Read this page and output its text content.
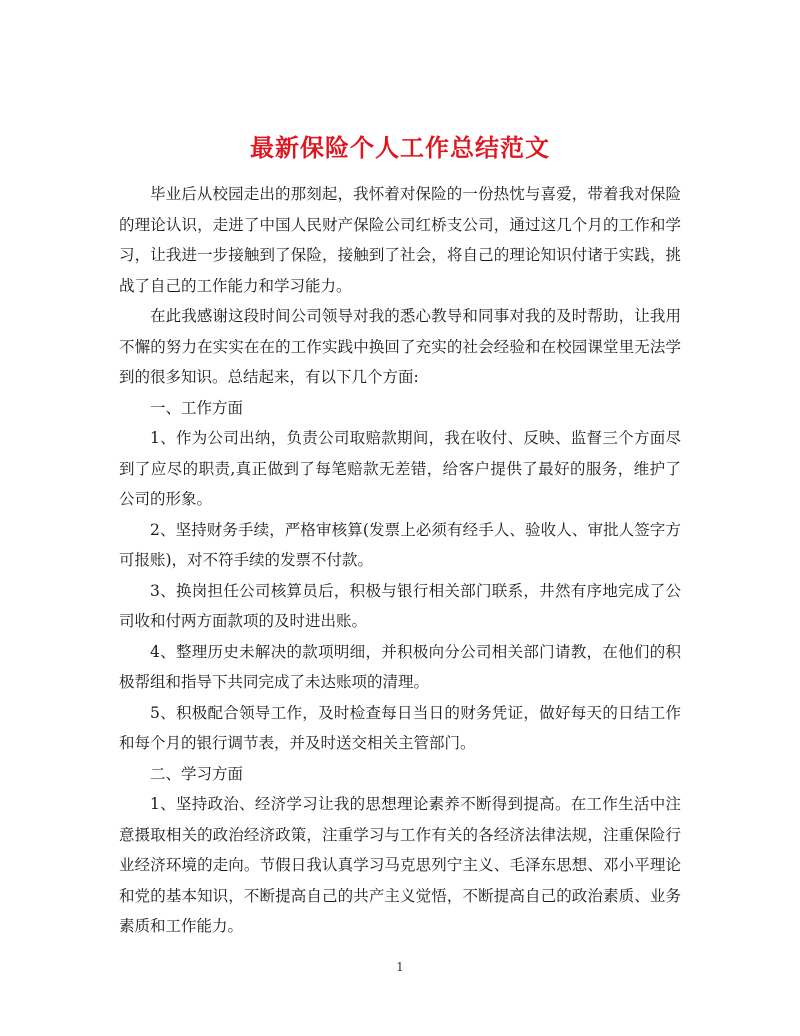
最新保险个人工作总结范文

毕业后从校园走出的那刻起，我怀着对保险的一份热忱与喜爱，带着我对保险的理论认识，走进了中国人民财产保险公司红桥支公司，通过这几个月的工作和学习，让我进一步接触到了保险，接触到了社会，将自己的理论知识付诸于实践，挑战了自己的工作能力和学习能力。

在此我感谢这段时间公司领导对我的悉心教导和同事对我的及时帮助，让我用不懈的努力在实实在在的工作实践中换回了充实的社会经验和在校园课堂里无法学到的很多知识。总结起来，有以下几个方面:

一、工作方面

1、作为公司出纳，负责公司取赔款期间，我在收付、反映、监督三个方面尽到了应尽的职责,真正做到了每笔赔款无差错，给客户提供了最好的服务，维护了公司的形象。

2、坚持财务手续，严格审核算(发票上必须有经手人、验收人、审批人签字方可报账)，对不符手续的发票不付款。

3、换岗担任公司核算员后，积极与银行相关部门联系，井然有序地完成了公司收和付两方面款项的及时进出账。

4、整理历史未解决的款项明细，并积极向分公司相关部门请教，在他们的积极帮组和指导下共同完成了未达账项的清理。

5、积极配合领导工作，及时检查每日当日的财务凭证，做好每天的日结工作和每个月的银行调节表，并及时送交相关主管部门。

二、学习方面

1、坚持政治、经济学习让我的思想理论素养不断得到提高。在工作生活中注意摄取相关的政治经济政策，注重学习与工作有关的各经济法律法规，注重保险行业经济环境的走向。节假日我认真学习马克思列宁主义、毛泽东思想、邓小平理论和党的基本知识，不断提高自己的共产主义觉悟，不断提高自己的政治素质、业务素质和工作能力。

1
